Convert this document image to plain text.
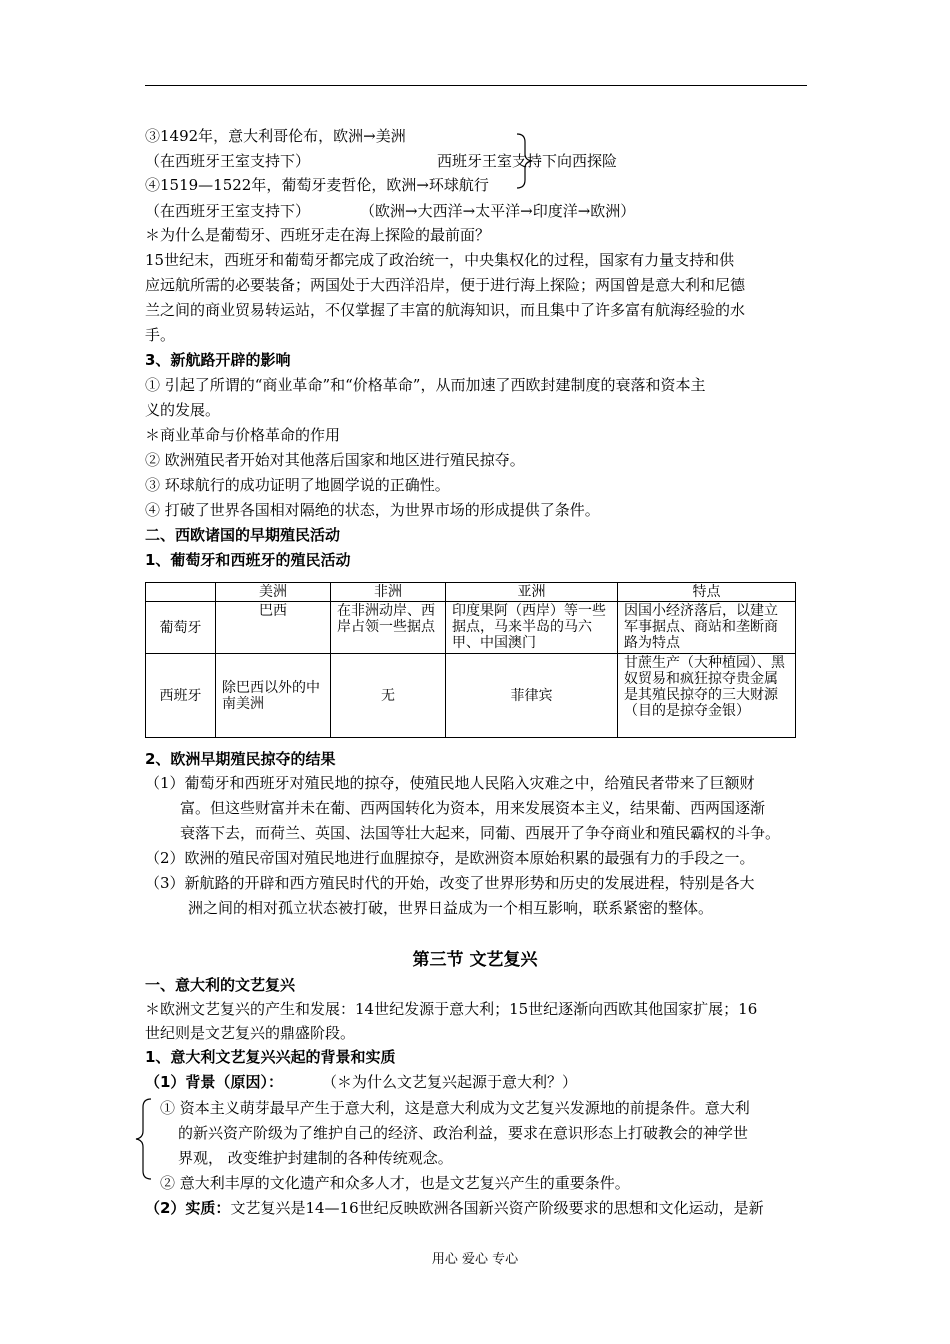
③1492年，意大利哥伦布，欧洲→美洲
（在西班牙王室支持下）	西班牙王室支持下向西探险
④1519—1522年，葡萄牙麦哲伦，欧洲→环球航行
（在西班牙王室支持下）	（欧洲→大西洋→太平洋→印度洋→欧洲）
＊为什么是葡萄牙、西班牙走在海上探险的最前面？
15世纪末，西班牙和葡萄牙都完成了政治统一，中央集权化的过程，国家有力量支持和供
应远航所需的必要装备；两国处于大西洋沿岸，便于进行海上探险；两国曾是意大利和尼德
兰之间的商业贸易转运站，不仅掌握了丰富的航海知识，而且集中了许多富有航海经验的水
手。
3、新航路开辟的影响
① 引起了所谓的“商业革命”和“价格革命”，从而加速了西欧封建制度的衰落和资本主
义的发展。
＊商业革命与价格革命的作用
② 欧洲殖民者开始对其他落后国家和地区进行殖民掠夺。
③ 环球航行的成功证明了地圆学说的正确性。
④ 打破了世界各国相对隔绝的状态，为世界市场的形成提供了条件。
二、西欧诸国的早期殖民活动
1、葡萄牙和西班牙的殖民活动
	美洲	非洲	亚洲	特点
葡萄牙	巴西	在非洲动岸、西岸占领一些据点	印度果阿（西岸）等一些据点，马来半岛的马六甲、中国澳门	因国小经济落后，以建立军事据点、商站和垄断商路为特点
西班牙	除巴西以外的中南美洲	无	菲律宾	甘蔗生产（大种植园）、黑奴贸易和疯狂掠夺贵金属是其殖民掠夺的三大财源（目的是掠夺金银）
2、欧洲早期殖民掠夺的结果
（1）葡萄牙和西班牙对殖民地的掠夺，使殖民地人民陷入灾难之中，给殖民者带来了巨额财
富。但这些财富并未在葡、西两国转化为资本，用来发展资本主义，结果葡、西两国逐渐
衰落下去，而荷兰、英国、法国等壮大起来，同葡、西展开了争夺商业和殖民霸权的斗争。
（2）欧洲的殖民帝国对殖民地进行血腥掠夺，是欧洲资本原始积累的最强有力的手段之一。
（3）新航路的开辟和西方殖民时代的开始，改变了世界形势和历史的发展进程，特别是各大
洲之间的相对孤立状态被打破，世界日益成为一个相互影响，联系紧密的整体。
第三节 文艺复兴
一、意大利的文艺复兴
＊欧洲文艺复兴的产生和发展：14世纪发源于意大利；15世纪逐渐向西欧其他国家扩展；16
世纪则是文艺复兴的鼎盛阶段。
1、意大利文艺复兴兴起的背景和实质
（1）背景（原因）：	（＊为什么文艺复兴起源于意大利？）
① 资本主义萌芽最早产生于意大利，这是意大利成为文艺复兴发源地的前提条件。意大利
的新兴资产阶级为了维护自己的经济、政治利益，要求在意识形态上打破教会的神学世
界观， 改变维护封建制的各种传统观念。
② 意大利丰厚的文化遗产和众多人才，也是文艺复兴产生的重要条件。
（2）实质：文艺复兴是14—16世纪反映欧洲各国新兴资产阶级要求的思想和文化运动，是新
用心 爱心 专心
